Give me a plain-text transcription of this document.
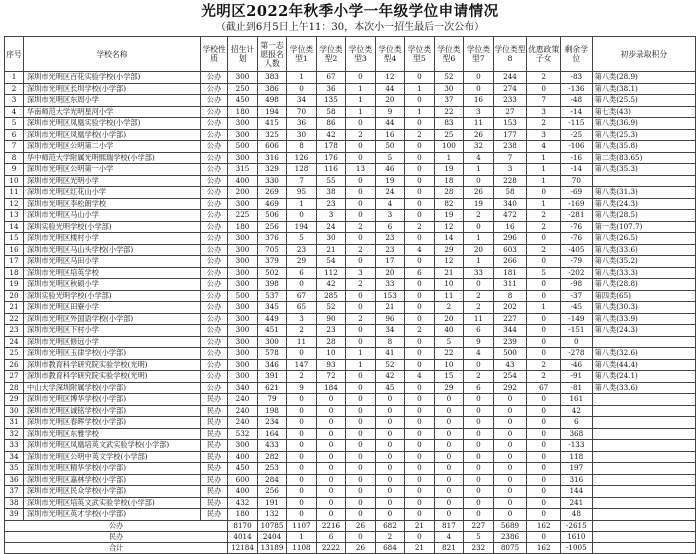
光明区2022年秋季小学一年级学位申请情况
（截止到6月5日上午11：30，本次小一招生最后一次公布）
序号	学校名称	学校性质	招生计划	第一志愿报名人数	学位类型1	学位类型2	学位类型3	学位类型4	学位类型5	学位类型6	学位类型7	学位类型8	优惠政策子女	剩余学位	初步录取积分
1	深圳市光明区百花实验学校(小学部)	公办	300	383	1	67	0	12	0	52	0	244	2	-83	第八类(28.9)
2	深圳市光明区长圳学校(小学部)	公办	250	386	0	36	1	44	1	30	0	274	0	-136	第八类(38.1)
3	深圳市光明区东周小学	公办	450	498	34	135	1	20	0	37	16	233	7	-48	第八类(25.5)
4	华南师范大学光明星河小学	公办	180	194	70	58	1	9	1	22	3	27	3	-14	第七类(43)
5	深圳市光明区凤凰实验学校(小学部)	公办	300	415	36	86	0	44	0	83	11	153	2	-115	第八类(36.9)
6	深圳市光明区凤凰学校(小学部)	公办	300	325	30	42	2	16	2	25	26	177	3	-25	第八类(25.3)
7	深圳市光明区公明第二小学	公办	500	606	8	178	0	50	0	100	32	238	4	-106	第八类(35.8)
8	华中师范大学附属光明熙瑞学校(小学部)	公办	300	316	126	176	0	5	0	1	4	7	1	-16	第二类(83.65)
9	深圳市光明区公明第一小学	公办	315	329	128	116	13	46	0	19	1	3	1	-14	第八类(35.3)
10	深圳市光明区光明小学	公办	400	330	7	55	0	19	0	18	0	228	1	70	
11	深圳市光明区红花山小学	公办	200	269	95	38	0	24	0	28	26	58	0	-69	第八类(31.3)
12	深圳市光明区李松朗学校	公办	300	469	1	23	0	4	0	82	19	340	1	-169	第八类(24.3)
13	深圳市光明区马山小学	公办	225	506	0	3	0	3	0	19	2	472	2	-281	第八类(28.5)
14	深圳实验光明学校(小学部)	公办	180	256	194	24	2	6	2	12	0	16	2	-76	第一类(107.7)
15	深圳市光明区楼村小学	公办	300	376	5	30	0	23	0	14	1	296	0	-76	第八类(26.5)
16	深圳市光明区马山头学校(小学部)	公办	300	705	23	21	2	23	4	29	20	603	2	-405	第八类(33.6)
17	深圳市光明区马田小学	公办	300	379	29	54	0	17	0	12	1	266	0	-79	第八类(35.2)
18	深圳市光明区培英学校	公办	300	502	6	112	3	20	6	21	33	181	5	-202	第八类(33.3)
19	深圳市光明区秋硕小学	公办	300	398	0	42	2	33	0	10	0	311	0	-98	第八类(28.8)
20	深圳实验光明学校(小学部)	公办	500	537	67	285	0	153	0	11	2	8	0	-37	第四类(65)
21	深圳市光明区田寮小学	公办	300	345	65	52	0	21	0	2	2	202	1	-45	第八类(30.3)
22	深圳市光明区外国语学校(小学部)	公办	300	449	3	90	2	96	0	20	11	227	0	-149	第八类(33.9)
23	深圳市光明区下村小学	公办	300	451	2	23	0	34	2	40	6	344	0	-151	第八类(24.3)
24	深圳市光明区修远小学	公办	300	300	11	28	0	8	0	5	9	239	0	0	
25	深圳市光明区玉律学校(小学部)	公办	300	578	0	10	1	41	0	22	4	500	0	-278	第八类(32.6)
26	深圳市教育科学研究院实验学校(光明)	公办	300	346	147	93	1	52	0	10	0	43	2	-46	第八类(44.4)
27	深圳市教育科学研究院实验学校(光明)	公办	300	391	2	72	0	42	4	15	2	254	2	-91	第八类(24.1)
28	中山大学深圳附属学校(小学部)	公办	340	621	9	184	0	45	0	29	6	292	67	-81	第八类(33.6)
29	深圳市光明区博华学校(小学部)	民办	240	79	0	0	0	0	0	0	0	0	0	161	
30	深圳市光明区诚铭学校(小学部)	民办	240	198	0	0	0	0	0	0	0	0	0	42	
31	深圳市光明区春晖学校(小学部)	民办	240	234	0	0	0	0	0	0	0	0	0	6	
32	深圳市光明区东雅学校	民办	532	164	0	0	0	0	0	0	0	0	0	368	
33	深圳市光明区凤凰培英文武实验学校(小学部)	民办	300	433	0	0	0	0	0	0	0	0	0	-133	
34	深圳市光明区公明中英文学校(小学部)	民办	400	282	0	0	0	0	0	0	0	0	0	118	
35	深圳市光明区精华学校(小学部)	民办	450	253	0	0	0	0	0	0	0	0	0	197	
36	深圳市光明区嘉林学校(小学部)	民办	600	284	0	0	0	0	0	0	0	0	0	316	
37	深圳市光明区民众学校(小学部)	民办	400	256	0	0	0	0	0	0	0	0	0	144	
38	深圳市光明区培英文武实验学校(小学部)	民办	432	191	0	0	0	0	0	0	0	0	0	241	
39	深圳市光明区英才学校(小学部)	民办	180	132	0	0	0	0	0	0	0	0	0	48	
公办			8170	10785	1107	2216	26	682	21	817	227	5689	162	-2615	
民办			4014	2404	1	6	0	2	0	4	5	2386	0	1610	
合计			12184	13189	1108	2222	26	684	21	821	232	8075	162	-1005	
